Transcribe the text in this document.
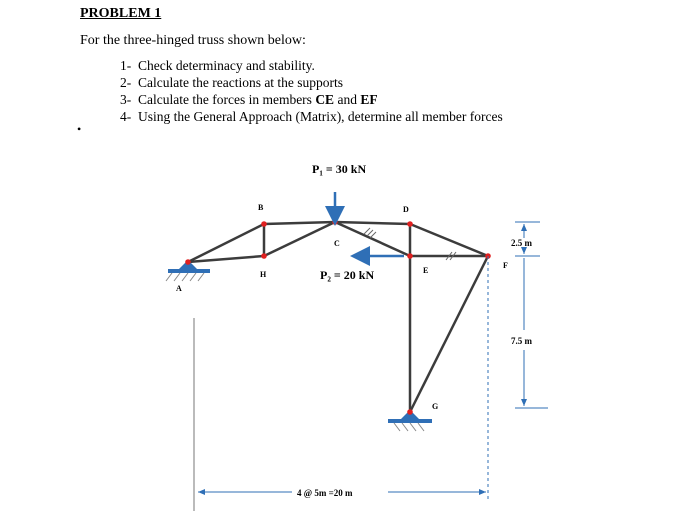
PROBLEM 1
For the three-hinged truss shown below:
1- Check determinacy and stability.
2- Calculate the reactions at the supports
3- Calculate the forces in members CE and EF
4- Using the General Approach (Matrix), determine all member forces
•
P₁ = 30 kN
P₂ = 20 kN
A
B
C
D
E
F
G
H
2.5 m
7.5 m
4 @ 5m =20 m
